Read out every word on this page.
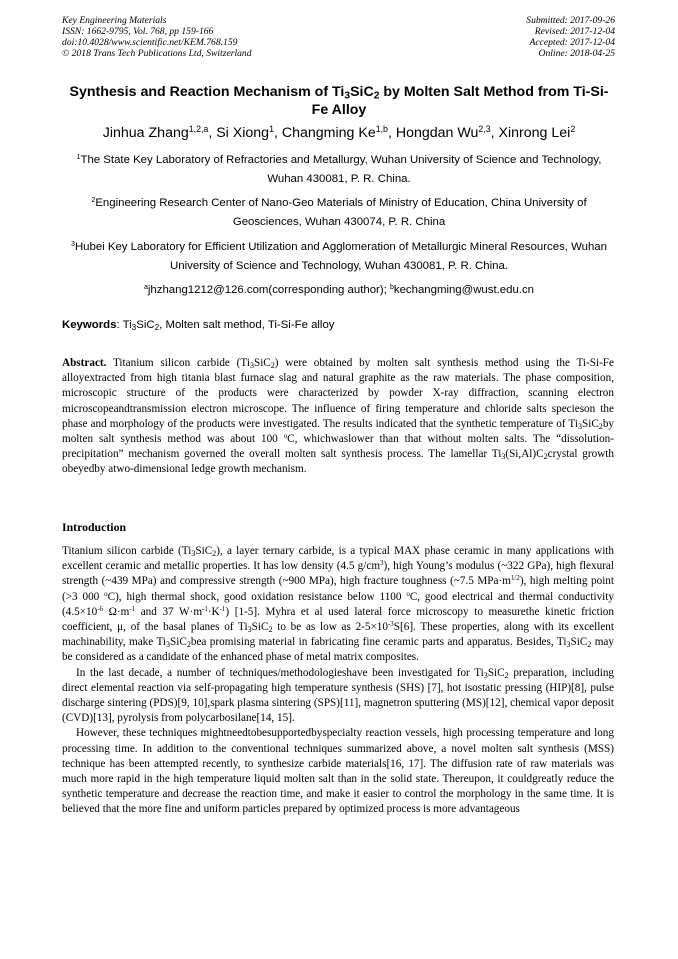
Key Engineering Materials
ISSN: 1662-9795, Vol. 768, pp 159-166
doi:10.4028/www.scientific.net/KEM.768.159
© 2018 Trans Tech Publications Ltd, Switzerland
Submitted: 2017-09-26
Revised: 2017-12-04
Accepted: 2017-12-04
Online: 2018-04-25
Synthesis and Reaction Mechanism of $Ti_3SiC_2$ by Molten Salt Method from Ti-Si-Fe Alloy
Jinhua Zhang$^{1,2,a}$, Si Xiong$^1$, Changming Ke$^{1,b}$, Hongdan Wu$^{2,3}$, Xinrong Lei$^2$
$^1$The State Key Laboratory of Refractories and Metallurgy, Wuhan University of Science and Technology, Wuhan 430081, P. R. China.
$^2$Engineering Research Center of Nano-Geo Materials of Ministry of Education, China University of Geosciences, Wuhan 430074, P. R. China
$^3$Hubei Key Laboratory for Efficient Utilization and Agglomeration of Metallurgic Mineral Resources, Wuhan University of Science and Technology, Wuhan 430081, P. R. China.
$^a$jhzhang1212@126.com(corresponding author); $^b$kechangming@wust.edu.cn
Keywords: $Ti_3SiC_2$, Molten salt method, Ti-Si-Fe alloy

Abstract. Titanium silicon carbide $(Ti_3SiC_2)$ were obtained by molten salt synthesis method using the Ti-Si-Fe alloyextracted from high titania blast furnace slag and natural graphite as the raw materials. The phase composition, microscopic structure of the products were characterized by powder X-ray diffraction, scanning electron microscopeandtransmission electron microscope. The influence of firing temperature and chloride salts specieson the phase and morphology of the products were investigated. The results indicated that the synthetic temperature of $Ti_3SiC_2by$ molten salt synthesis method was about 100 $^o$C, whichwaslower than that without molten salts. The “dissolution-precipitation” mechanism governed the overall molten salt synthesis process. The lamellar $Ti_3(Si,Al)C_2crystal$ growth obeyedby atwo-dimensional ledge growth mechanism.

Introduction

Titanium silicon carbide $(Ti_3SiC_2)$, a layer ternary carbide, is a typical MAX phase ceramic in many applications with excellent ceramic and metallic properties. It has low density (4.5 $g/cm^3$), high Young’s modulus (~322 GPa), high flexural strength (~439 MPa) and compressive strength (~900 MPa), high fracture toughness (~7.5 $MPa\cdot m^{1/2}$), high melting point (>3 000 $^o$C), high thermal shock, good oxidation resistance below 1100 $^o$C, good electrical and thermal conductivity ($4.5\times 10^{-6}$ $\Omega\cdot m^{-1}$ and 37 $W\cdot m^{-1}\cdot K^{-1}$) [1-5]. Myhra et al used lateral force microscopy to measurethe kinetic friction coefficient, μ, of the basal planes of $Ti_3SiC_2$ to be as low as $2-5\times 10^{-3}S[6]$. These properties, along with its excellent machinability, make $Ti_3SiC_2bea$ promising material in fabricating fine ceramic parts and apparatus. Besides, $Ti_3SiC_2$ may be considered as a candidate of the enhanced phase of metal matrix composites.

In the last decade, a number of techniques/methodologieshave been investigated for $Ti_3SiC_2$ preparation, including direct elemental reaction via self-propagating high temperature synthesis (SHS) [7], hot isostatic pressing (HIP)[8], pulse discharge sintering (PDS)[9, 10],spark plasma sintering (SPS)[11], magnetron sputtering (MS)[12], chemical vapor deposit (CVD)[13], pyrolysis from polycarbosilane[14, 15].

However, these techniques mightneedtobesupportedbyspecialty reaction vessels, high processing temperature and long processing time. In addition to the conventional techniques summarized above, a novel molten salt synthesis (MSS) technique has been attempted recently, to synthesize carbide materials[16, 17]. The diffusion rate of raw materials was much more rapid in the high temperature liquid molten salt than in the solid state. Thereupon, it couldgreatly reduce the synthetic temperature and decrease the reaction time, and make it easier to control the morphology in the same time. It is believed that the more fine and uniform particles prepared by optimized process is more advantageous
